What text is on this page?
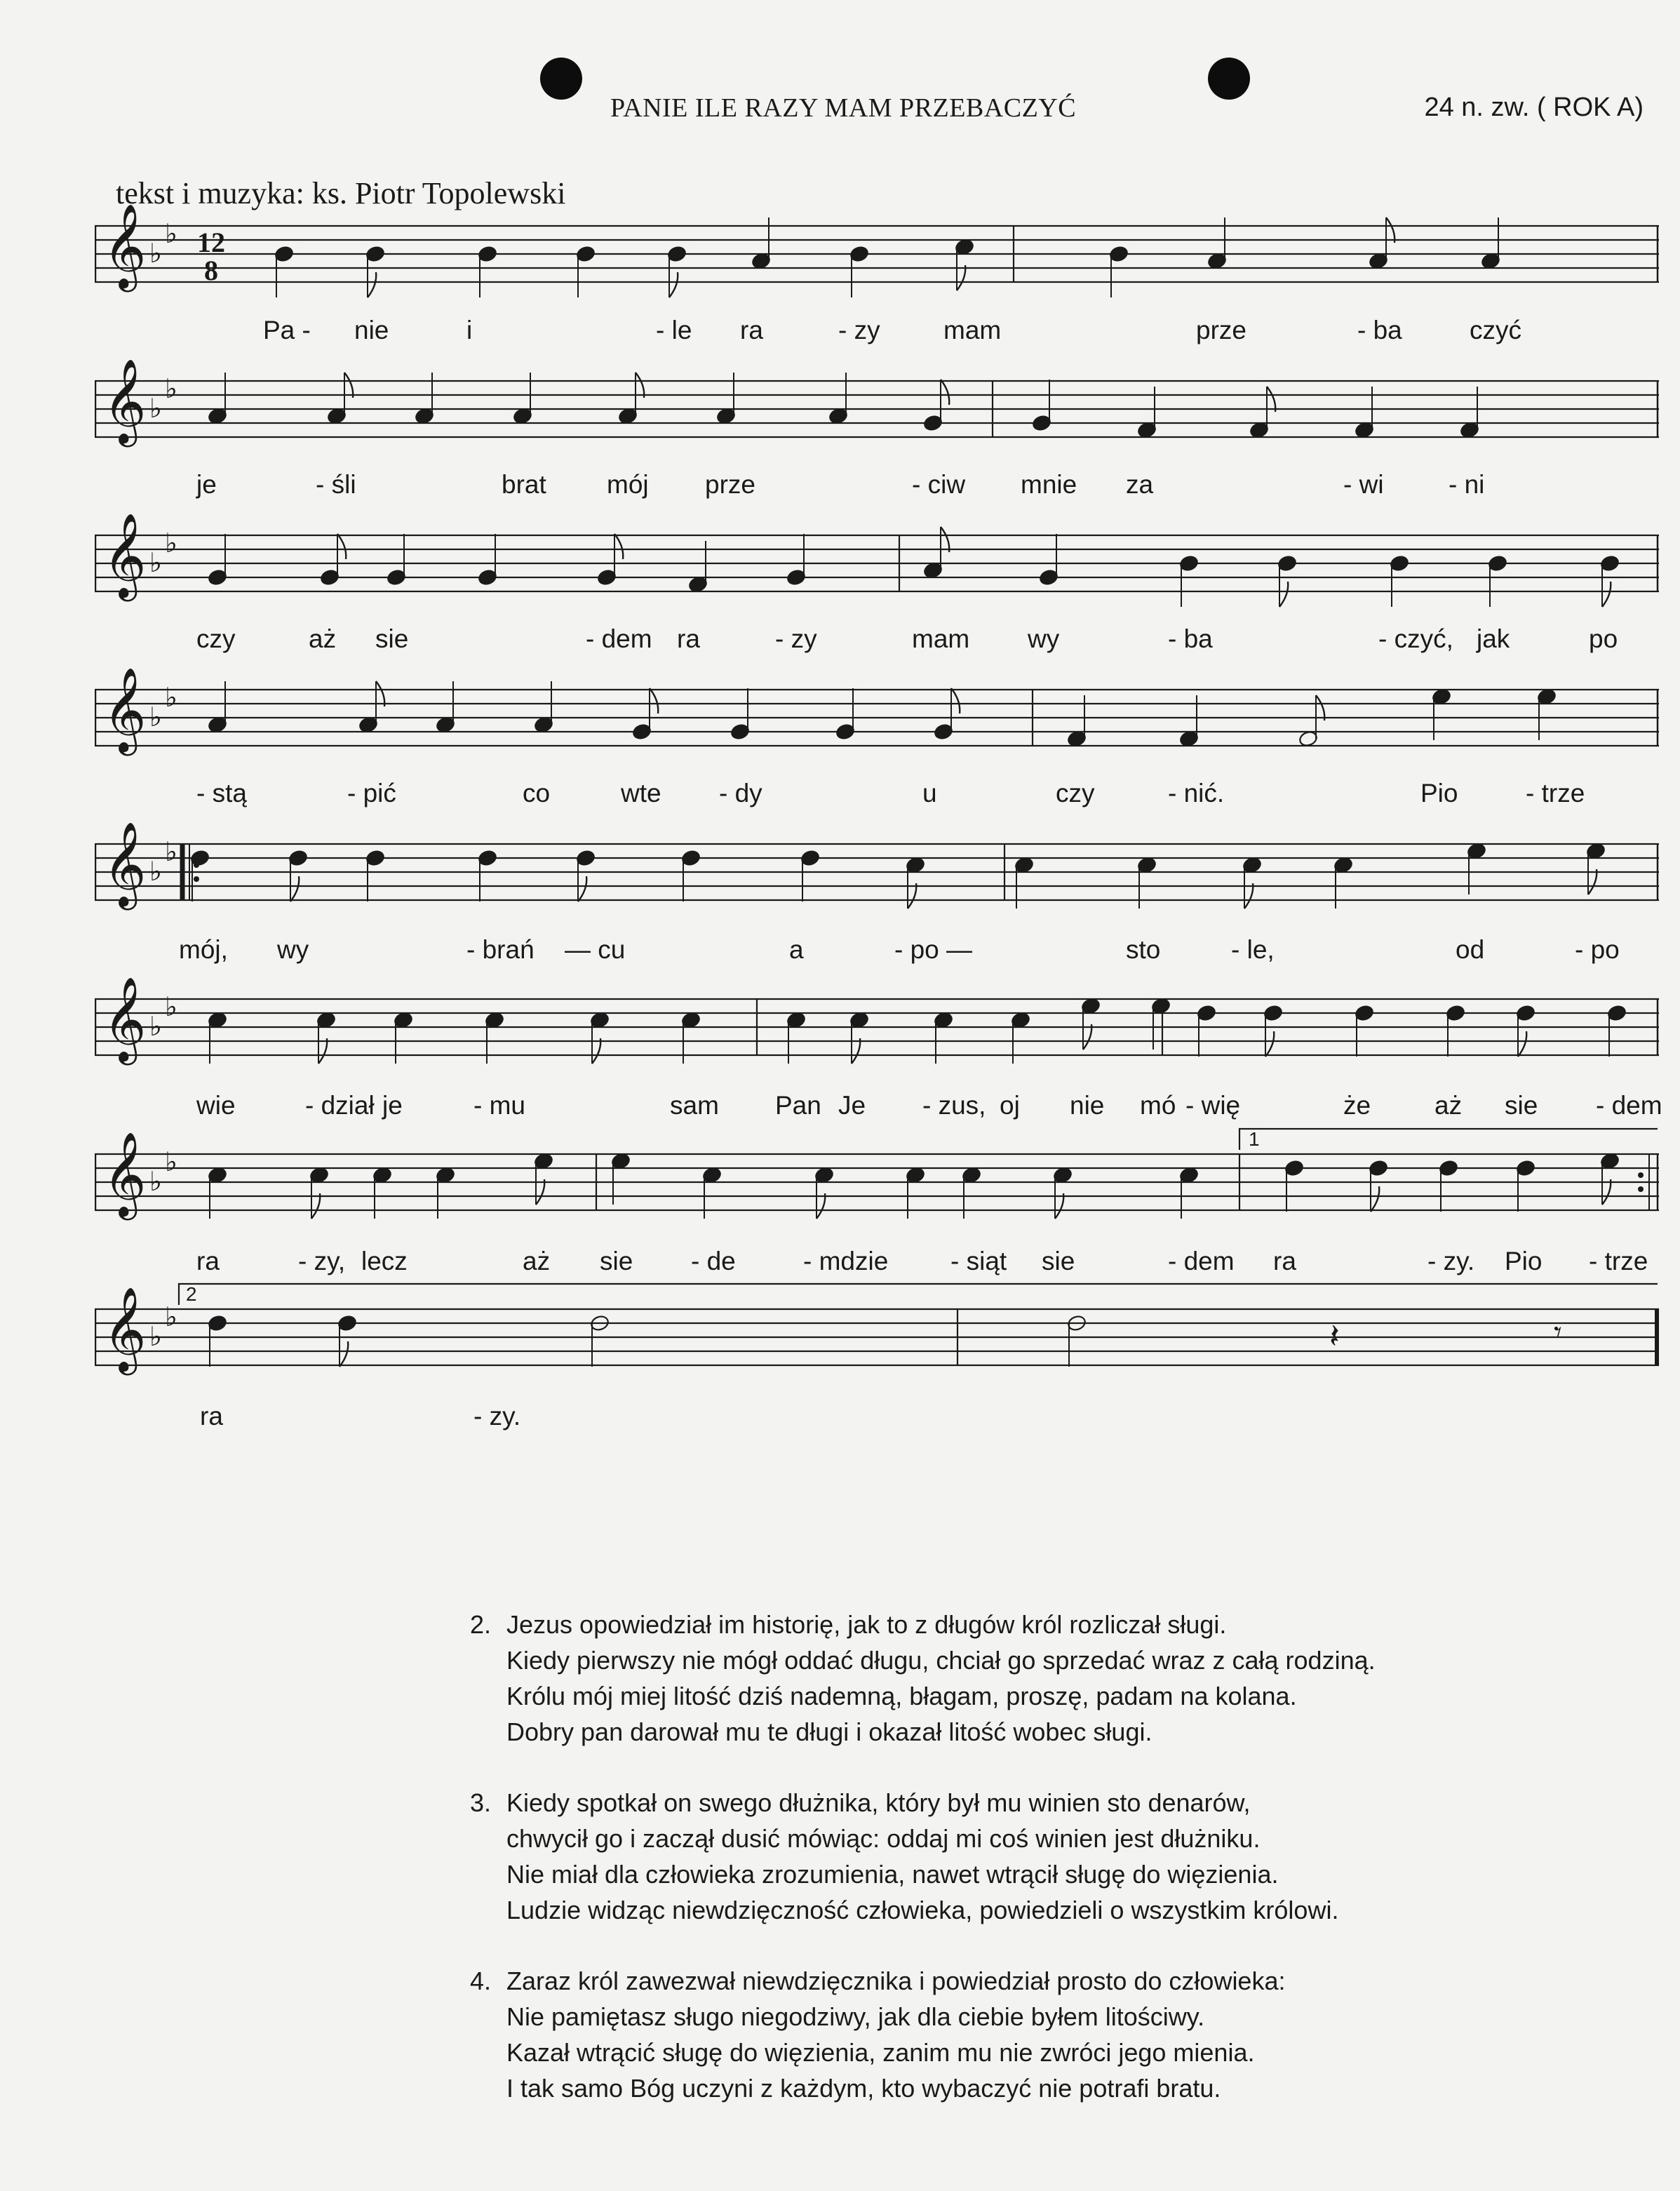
PANIE ILE RAZY MAM PRZEBACZYĆ	24 n. zw. ( ROK A)
tekst i muzyka: ks. Piotr Topolewski
𝄞 ♭
♭ 12
8
𝄞 ♭
♭
𝄞 ♭
♭
𝄞 ♭
♭
𝄞 ♭
♭
𝄞 ♭
♭
𝄞 ♭
♭
1
𝄞 ♭
♭
2
𝄽	𝄾
2. Jezus opowiedział im historię, jak to z długów król rozliczał sługi.
Kiedy pierwszy nie mógł oddać długu, chciał go sprzedać wraz z całą rodziną.
Królu mój miej litość dziś nademną, błagam, proszę, padam na kolana.
Dobry pan darował mu te długi i okazał litość wobec sługi.
3. Kiedy spotkał on swego dłużnika, który był mu winien sto denarów,
chwycił go i zaczął dusić mówiąc: oddaj mi coś winien jest dłużniku.
Nie miał dla człowieka zrozumienia, nawet wtrącił sługę do więzienia.
Ludzie widząc niewdzięczność człowieka, powiedzieli o wszystkim królowi.
4. Zaraz król zawezwał niewdzięcznika i powiedział prosto do człowieka:
Nie pamiętasz sługo niegodziwy, jak dla ciebie byłem litościwy.
Kazał wtrącić sługę do więzienia, zanim mu nie zwróci jego mienia.
I tak samo Bóg uczyni z każdym, kto wybaczyć nie potrafi bratu.
Pa - nie	i	- le ra	- zy mam	prze	- ba	czyć
je	- śli	brat mój prze	- ciw mnie za	- wi - ni
czy	aż sie	- dem ra	- zy	mam wy	- ba	- czyć, jak	po
- stą	- pić	co	wte - dy	u	czy	- nić.	Pio	- trze
mój, wy	- brań — cu	a	- po —	sto	- le,	od	- po
wie	- dział je	- mu	sam Pan Je - zus, oj nie mó - wię	że aż sie - dem
ra	- zy, lecz	aż sie - de	- mdzie - siąt sie	- dem ra	- zy. Pio - trze
ra	- zy.
